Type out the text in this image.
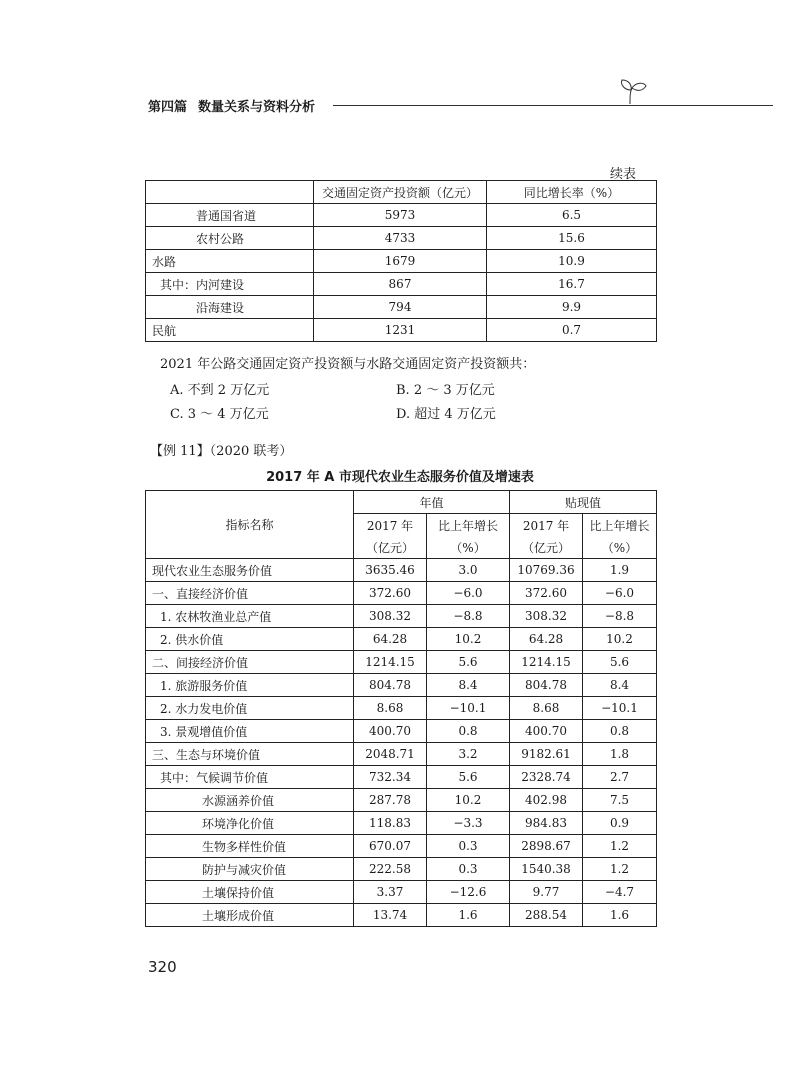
第四篇 数量关系与资料分析
续表
	交通固定资产投资额（亿元）	同比增长率（%）
普通国省道	5973	6.5
农村公路	4733	15.6
水路	1679	10.9
其中：内河建设	867	16.7
沿海建设	794	9.9
民航	1231	0.7
2021 年公路交通固定资产投资额与水路交通固定资产投资额共：
A. 不到 2 万亿元	B. 2 ～ 3 万亿元
C. 3 ～ 4 万亿元	D. 超过 4 万亿元
【例 11】（2020 联考）
2017 年 A 市现代农业生态服务价值及增速表
指标名称	年值		贴现值	
	2017 年	比上年增长	2017 年	比上年增长
	（亿元）	（%）	（亿元）	（%）
现代农业生态服务价值	3635.46	3.0	10769.36	1.9
一、直接经济价值	372.60	−6.0	372.60	−6.0
1. 农林牧渔业总产值	308.32	−8.8	308.32	−8.8
2. 供水价值	64.28	10.2	64.28	10.2
二、间接经济价值	1214.15	5.6	1214.15	5.6
1. 旅游服务价值	804.78	8.4	804.78	8.4
2. 水力发电价值	8.68	−10.1	8.68	−10.1
3. 景观增值价值	400.70	0.8	400.70	0.8
三、生态与环境价值	2048.71	3.2	9182.61	1.8
其中：气候调节价值	732.34	5.6	2328.74	2.7
水源涵养价值	287.78	10.2	402.98	7.5
环境净化价值	118.83	−3.3	984.83	0.9
生物多样性价值	670.07	0.3	2898.67	1.2
防护与减灾价值	222.58	0.3	1540.38	1.2
土壤保持价值	3.37	−12.6	9.77	−4.7
土壤形成价值	13.74	1.6	288.54	1.6
320
